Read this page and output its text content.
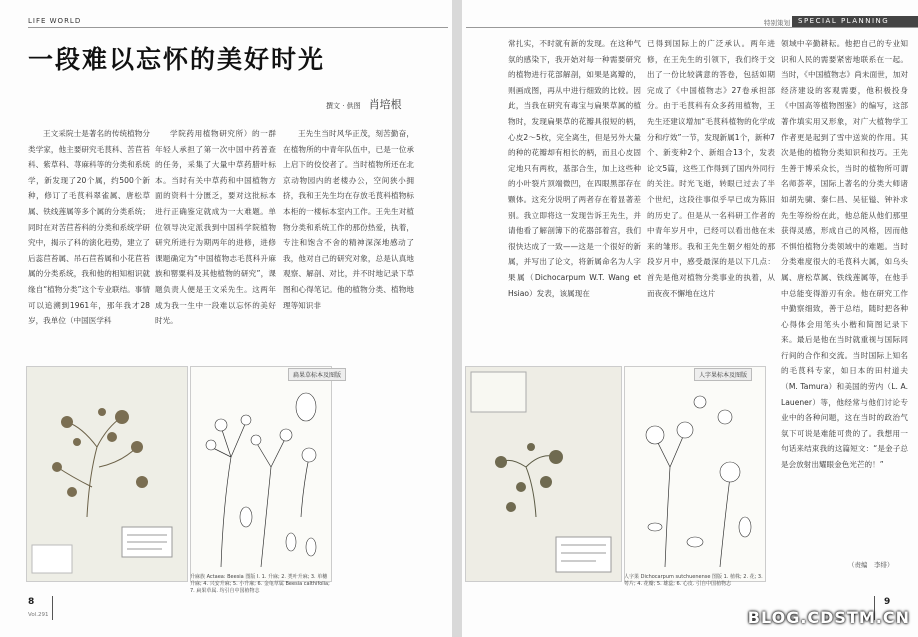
LIFE WORLD
一段难以忘怀的美好时光
撰文 · 供图 肖培根

王文采院士是著名的传统植物分类学家，他主要研究毛茛科、苦苣苔科、紫草科、荨麻科等的分类和系统学，新发现了20个属，约500个新种，修订了毛茛科翠雀属、唐松草属、铁线莲属等多个属的分类系统；同时在对苦苣苔科的分类和系统学研究中，揭示了科的演化趋势，建立了后蕊苣苔属、吊石苣苔属和小花苣苔属的分类系统，我和他的相知相识就缘自“植物分类”这个专业联结。事情可以追溯到1961年，那年我才28岁，我单位（中国医学科

学院药用植物研究所）的一群年轻人承担了第一次中国中药普查的任务，采集了大量中草药腊叶标本。当时有关中草药和中国植物方面的资料十分匮乏，要对这批标本进行正确鉴定就成为一大难题。单位领导决定派我到中国科学院植物研究所进行为期两年的进修，进修课题确定为“中国植物志毛茛科升麻族和罂粟科及其他植物的研究”，课题负责人便是王文采先生。这两年成为我一生中一段难以忘怀的美好时光。

王先生当时风华正茂，刻苦勤奋，在植物所的中青年队伍中，已是一位承上启下的佼佼者了。当时植物所还在北京动物园内的老楼办公，空间狭小拥挤，我和王先生均在存放毛茛科植物标本柜的一楼标本室内工作。王先生对植物分类和系统工作的那份热爱，执着，专注和饱含不舍的精神深深地感动了我，他对自己的研究对象，总是认真地观察、解剖、对比，并不时地记录下草图和心得笔记。他的植物分类、植物地理等知识非

扁果草标本及图版
升麻族 Actaea: Beesia 图版 I. 1. 升麻; 2. 类叶升麻; 3. 单穗升麻; 4. 兴安升麻; 5. 小升麻; 6. 金龟草属 Beesia calthifolia; 7. 扁果草属. 均引自中国植物志
8
Vol.291
特别策划	SPECIAL PLANNING

常扎实，不时就有新的发现。在这种气氛的感染下，我开始对每一种需要研究的植物进行花部解剖，如果是离瓣的，则画成图，再从中进行细致的比较。因此，当我在研究有毒宝与扁果草属的植物时，发现扁果草的花瓣具很短的柄，心皮2～5枚，完全离生，但是另外大量的种的花瓣却有相长的柄，而且心皮固定地只有两枚，基部合生，加上这些种的小叶裂片顶端微凹，在四眼黑部存在颗体。这充分说明了两者存在着显著差别。我立即将这一发现告诉王先生，并请他看了解剖簿下的花器部着宫，我们很快达成了一致——这是一个很好的新属，并写出了论文，将新属命名为人字果属（Dichocarpum W.T. Wang et Hsiao）发表，该属现在

已得到国际上的广泛承认。两年进修，在王先生的引领下，我们终于交出了一份比较满意的答卷，包括如期完成了《中国植物志》27卷承担部分。由于毛茛科有众多药用植物，王先生还建议增加“毛茛科植物的化学成分和疗效”一节，发现新属1个，新种7个、新变种2个、新组合13个，发表论文5篇，这些工作得到了国内外同行的关注。时光飞逝，转眼已过去了半个世纪，这段往事似乎早已成为陈旧的历史了。但是从一名科研工作者的中青年岁月中，已经可以看出他在未来的雏形。我和王先生朝夕相处的那段岁月中，感受最深的是以下几点：首先是他对植物分类事业的执着，从而夜夜不懈地在这片

领域中辛勤耕耘。他把自己的专业知识和人民的需要紧密地联系在一起。当时，《中国植物志》尚未面世，加对经济建设的客观需要，他积极投身《中国高等植物图鉴》的编写，这部著作填实用又形象，对广大植物学工作者更是起到了雪中送炭的作用。其次是他的植物分类知识和技巧。王先生善于博采众长，当时的植物所可谓名师荟萃，国际上著名的分类大师诸如胡先骕、秦仁昌、吴征镒、钟补求先生等纷纷在此，他总能从他们那里获得灵感，形成自己的风格，因而他不惧怕植物分类领域中的难题。当时分类难度很大的毛茛科大属，如乌头属、唐松草属、铁线莲属等，在他手中总能变得游刃有余。他在研究工作中勤察细致，善于总结，随时把各种心得体会用笔头小楷和简图记录下来。最后是他在当时就重视与国际同行间的合作和交流。当时国际上知名的毛茛科专家，如日本的田村道夫（M. Tamura）和美国的劳内（L. A. Lauener）等，他经常与他们讨论专业中的各种问题，这在当时的政治气氛下可说是难能可贵的了。我想用一句话来结束我的这篇短文：“是金子总是会放射出耀眼金色光芒的！”

人字果标本及图版
人字果 Dichocarpum sutchuenense 图版 1. 植株; 2. 花; 3. 萼片; 4. 花瓣; 5. 雄蕊; 6. 心皮. 引自中国植物志
（责编　李绯）
9
BLOG.CDSTM.CN
